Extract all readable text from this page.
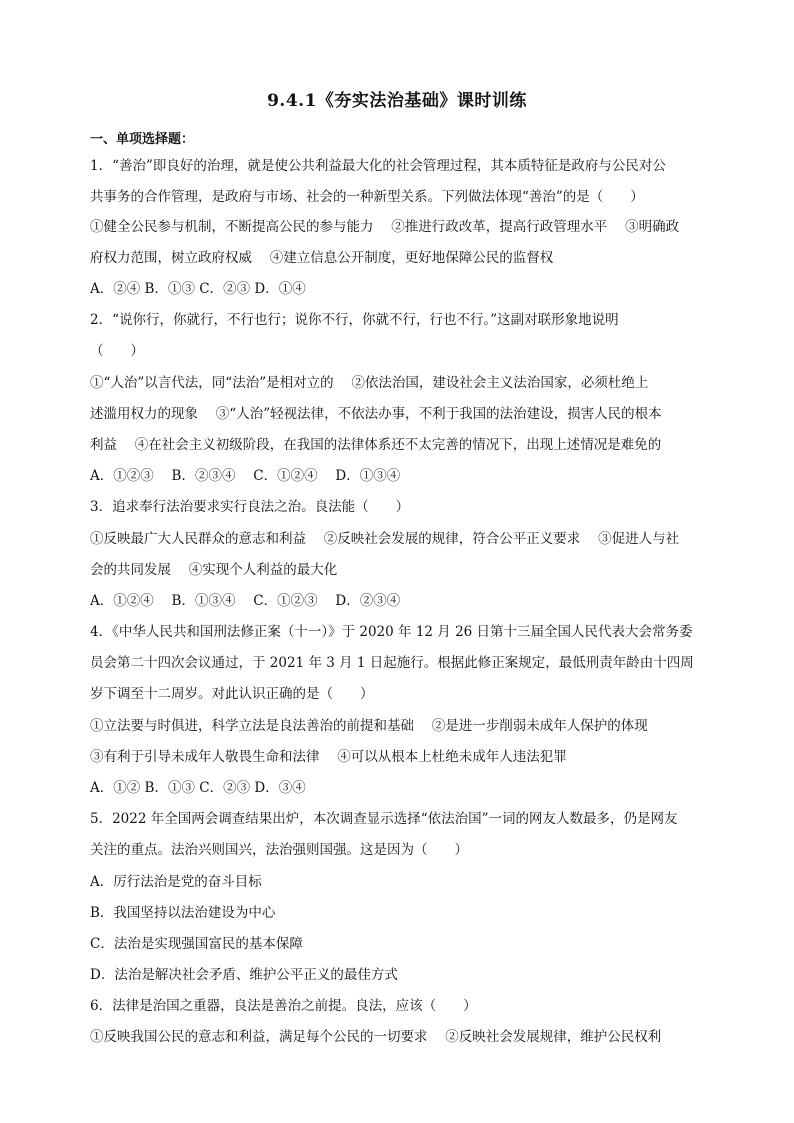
9.4.1《夯实法治基础》课时训练
一、单项选择题：
1．“善治”即良好的治理，就是使公共利益最大化的社会管理过程，其本质特征是政府与公民对公
共事务的合作管理，是政府与市场、社会的一种新型关系。下列做法体现“善治”的是（　　）
①健全公民参与机制，不断提高公民的参与能力　 ②推进行政改革，提高行政管理水平　 ③明确政
府权力范围，树立政府权威　 ④建立信息公开制度，更好地保障公民的监督权
A．②④ B．①③ C．②③ D．①④
2．“说你行，你就行，不行也行；说你不行，你就不行，行也不行。”这副对联形象地说明
（　　）
①“人治”以言代法，同“法治”是相对立的　 ②依法治国，建设社会主义法治国家，必须杜绝上
述滥用权力的现象　 ③“人治”轻视法律，不依法办事，不利于我国的法治建设，损害人民的根本
利益　 ④在社会主义初级阶段，在我国的法律体系还不太完善的情况下，出现上述情况是难免的
A．①②③　 B．②③④　 C．①②④　 D．①③④
3．追求奉行法治要求实行良法之治。良法能（　　）
①反映最广大人民群众的意志和利益　 ②反映社会发展的规律，符合公平正义要求　 ③促进人与社
会的共同发展　 ④实现个人利益的最大化
A．①②④　 B．①③④　 C．①②③　 D．②③④
4．《中华人民共和国刑法修正案（十一）》于 2020 年 12 月 26 日第十三届全国人民代表大会常务委
员会第二十四次会议通过，于 2021 年 3 月 1 日起施行。根据此修正案规定，最低刑责年龄由十四周
岁下调至十二周岁。对此认识正确的是（　　）
①立法要与时俱进，科学立法是良法善治的前提和基础　 ②是进一步削弱未成年人保护的体现
③有利于引导未成年人敬畏生命和法律　 ④可以从根本上杜绝未成年人违法犯罪
A．①② B．①③ C．②③ D．③④
5．2022 年全国两会调查结果出炉，本次调查显示选择“依法治国”一词的网友人数最多，仍是网友
关注的重点。法治兴则国兴，法治强则国强。这是因为（　　）
A．厉行法治是党的奋斗目标
B．我国坚持以法治建设为中心
C．法治是实现强国富民的基本保障
D．法治是解决社会矛盾、维护公平正义的最佳方式
6．法律是治国之重器，良法是善治之前提。良法，应该（　　）
①反映我国公民的意志和利益，满足每个公民的一切要求　 ②反映社会发展规律，维护公民权利
